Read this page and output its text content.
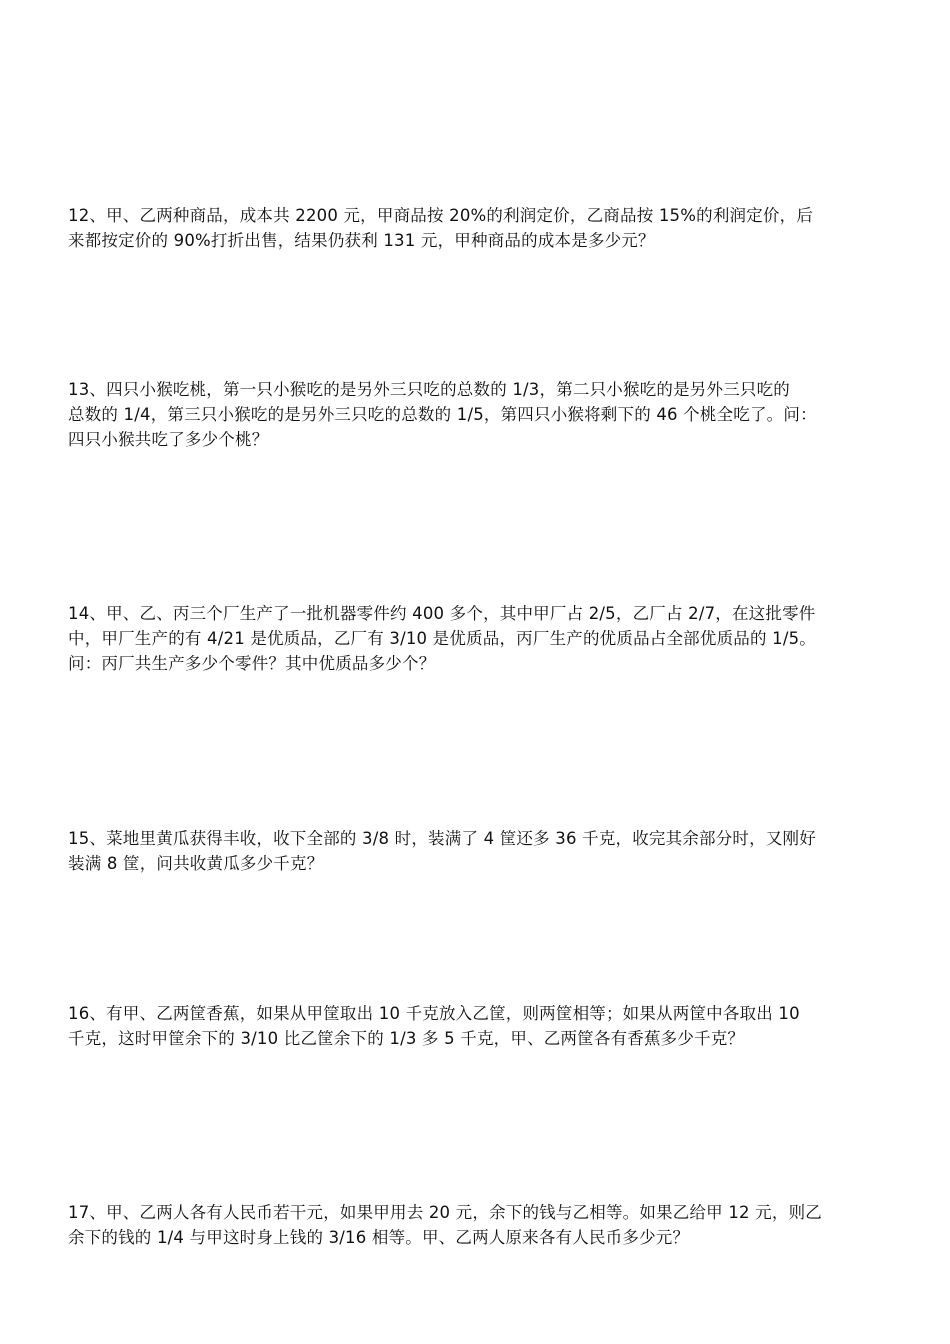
12、甲、乙两种商品，成本共 2200 元，甲商品按 20%的利润定价，乙商品按 15%的利润定价，后
来都按定价的 90%打折出售，结果仍获利 131 元，甲种商品的成本是多少元？

13、四只小猴吃桃，第一只小猴吃的是另外三只吃的总数的 1/3，第二只小猴吃的是另外三只吃的
总数的 1/4，第三只小猴吃的是另外三只吃的总数的 1/5，第四只小猴将剩下的 46 个桃全吃了。问：
四只小猴共吃了多少个桃？

14、甲、乙、丙三个厂生产了一批机器零件约 400 多个，其中甲厂占 2/5，乙厂占 2/7，在这批零件
中，甲厂生产的有 4/21 是优质品，乙厂有 3/10 是优质品，丙厂生产的优质品占全部优质品的 1/5。
问：丙厂共生产多少个零件？其中优质品多少个？

15、菜地里黄瓜获得丰收，收下全部的 3/8 时，装满了 4 筐还多 36 千克，收完其余部分时，又刚好
装满 8 筐，问共收黄瓜多少千克？

16、有甲、乙两筐香蕉，如果从甲筐取出 10 千克放入乙筐，则两筐相等；如果从两筐中各取出 10
千克，这时甲筐余下的 3/10 比乙筐余下的 1/3 多 5 千克，甲、乙两筐各有香蕉多少千克？

17、甲、乙两人各有人民币若干元，如果甲用去 20 元，余下的钱与乙相等。如果乙给甲 12 元，则乙
余下的钱的 1/4 与甲这时身上钱的 3/16 相等。甲、乙两人原来各有人民币多少元？
